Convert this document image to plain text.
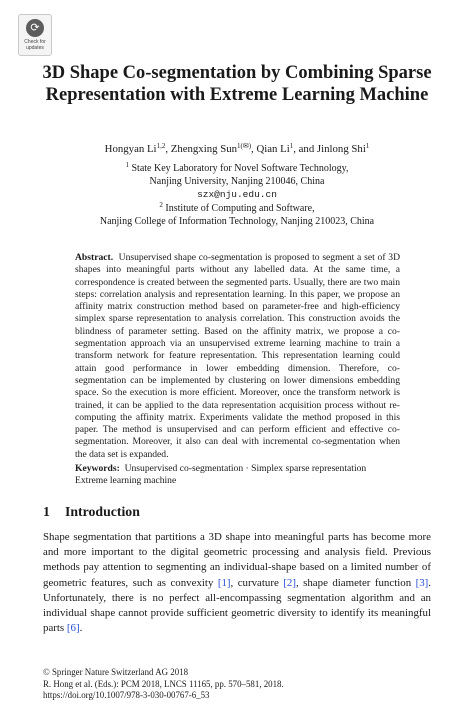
⟳
Check for updates
3D Shape Co-segmentation by Combining Sparse Representation with Extreme Learning Machine
Hongyan Li$^{1,2}$, Zhengxing Sun$^{1(✉)}$, Qian Li$^1$, and Jinlong Shi$^1$
$^1$ State Key Laboratory for Novel Software Technology,
Nanjing University, Nanjing 210046, China
szx@nju.edu.cn
$^2$ Institute of Computing and Software,
Nanjing College of Information Technology, Nanjing 210023, China
Abstract. Unsupervised shape co-segmentation is proposed to segment a set of 3D shapes into meaningful parts without any labelled data. At the same time, a correspondence is created between the segmented parts. Usually, there are two main steps: correlation analysis and representation learning. In this paper, we propose an affinity matrix construction method based on parameter-free and high-efficiency simplex sparse representation to analysis correlation. This construction avoids the blindness of parameter setting. Based on the affinity matrix, we propose a co-segmentation approach via an unsupervised extreme learning machine to train a transform network for feature representation. This representation learning could attain good performance in lower embedding dimension. Therefore, co-segmentation can be implemented by clustering on lower dimensions embedding space. So the execution is more efficient. Moreover, once the transform network is trained, it can be applied to the data representation acquisition process without re-computing the affinity matrix. Experiments validate the method proposed in this paper. The method is unsupervised and can perform efficient and effective co-segmentation. Moreover, it also can deal with incremental co-segmentation when the data set is expanded.
Keywords: Unsupervised co-segmentation · Simplex sparse representation
Extreme learning machine
1 Introduction
Shape segmentation that partitions a 3D shape into meaningful parts has become more and more important to the digital geometric processing and analysis field. Previous methods pay attention to segmenting an individual-shape based on a limited number of geometric features, such as convexity [1], curvature [2], shape diameter function [3]. Unfortunately, there is no perfect all-encompassing segmentation algorithm and an individual shape cannot provide sufficient geometric diversity to identify its meaningful parts [6].
© Springer Nature Switzerland AG 2018
R. Hong et al. (Eds.): PCM 2018, LNCS 11165, pp. 570–581, 2018.
https://doi.org/10.1007/978-3-030-00767-6_53
